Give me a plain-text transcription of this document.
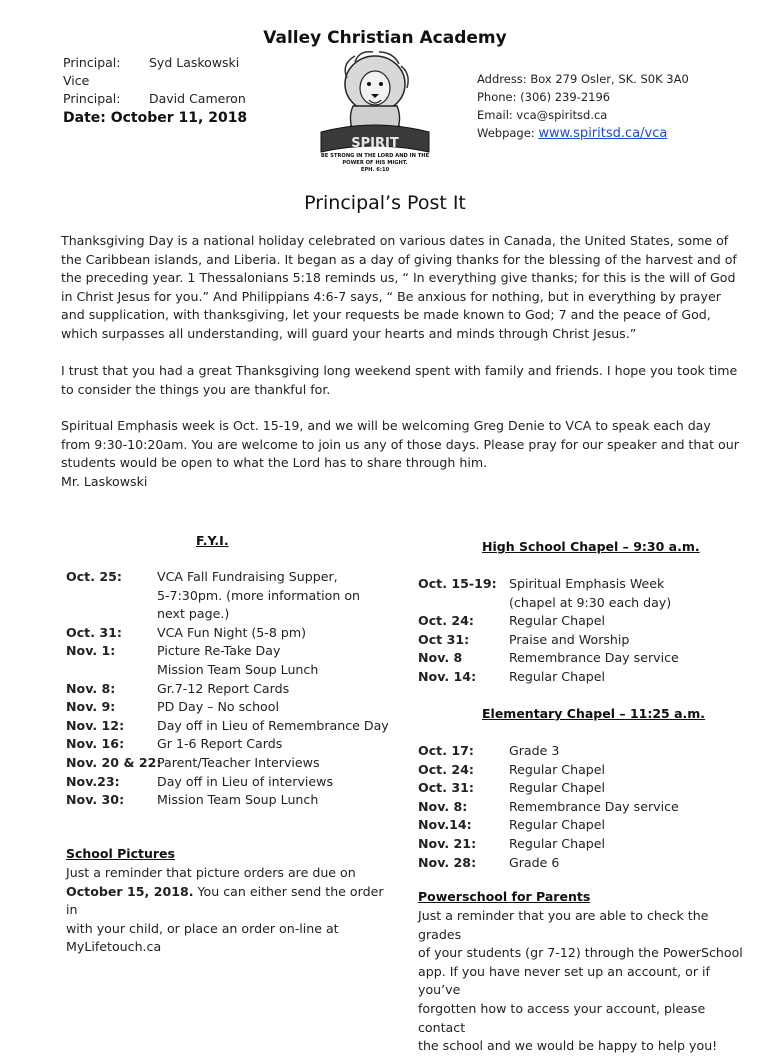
Valley Christian Academy
Principal: Syd Laskowski
Vice Principal: David Cameron
Date: October 11, 2018
SPIRIT
BE STRONG IN THE LORD AND IN THE
POWER OF HIS MIGHT.
EPH. 6:10
Address: Box 279 Osler, SK. S0K 3A0
Phone: (306) 239-2196
Email: vca@spiritsd.ca
Webpage: www.spiritsd.ca/vca
Principal’s Post It
Thanksgiving Day is a national holiday celebrated on various dates in Canada, the United States, some of the Caribbean islands, and Liberia. It began as a day of giving thanks for the blessing of the harvest and of the preceding year. 1 Thessalonians 5:18 reminds us, “ In everything give thanks; for this is the will of God in Christ Jesus for you.” And Philippians 4:6-7 says, “ Be anxious for nothing, but in everything by prayer and supplication, with thanksgiving, let your requests be made known to God; 7 and the peace of God, which surpasses all understanding, will guard your hearts and minds through Christ Jesus.”
I trust that you had a great Thanksgiving long weekend spent with family and friends. I hope you took time to consider the things you are thankful for.
Spiritual Emphasis week is Oct. 15-19, and we will be welcoming Greg Denie to VCA to speak each day from 9:30-10:20am. You are welcome to join us any of those days. Please pray for our speaker and that our students would be open to what the Lord has to share through him.
Mr. Laskowski
F.Y.I.
Oct. 25:	VCA Fall Fundraising Supper,
5-7:30pm. (more information on
next page.)
Oct. 31:	VCA Fun Night (5-8 pm)
Nov. 1:	Picture Re-Take Day
Mission Team Soup Lunch
Nov. 8:	Gr.7-12 Report Cards
Nov. 9:	PD Day – No school
Nov. 12:	Day off in Lieu of Remembrance Day
Nov. 16:	Gr 1-6 Report Cards
Nov. 20 & 22:
Parent/Teacher Interviews
Nov.23:	Day off in Lieu of interviews
Nov. 30:	Mission Team Soup Lunch
School Pictures
Just a reminder that picture orders are due on
October 15, 2018. You can either send the order in
with your child, or place an order on-line at
MyLifetouch.ca
High School Chapel – 9:30 a.m.
Oct. 15-19: Spiritual Emphasis Week
(chapel at 9:30 each day)
Oct. 24:	Regular Chapel
Oct 31:	Praise and Worship
Nov. 8	Remembrance Day service
Nov. 14:	Regular Chapel
Elementary Chapel – 11:25 a.m.
Oct. 17:	Grade 3
Oct. 24:	Regular Chapel
Oct. 31:	Regular Chapel
Nov. 8:	Remembrance Day service
Nov.14:	Regular Chapel
Nov. 21:	Regular Chapel
Nov. 28:	Grade 6
Powerschool for Parents
Just a reminder that you are able to check the grades
of your students (gr 7-12) through the PowerSchool
app. If you have never set up an account, or if you’ve
forgotten how to access your account, please contact
the school and we would be happy to help you!
